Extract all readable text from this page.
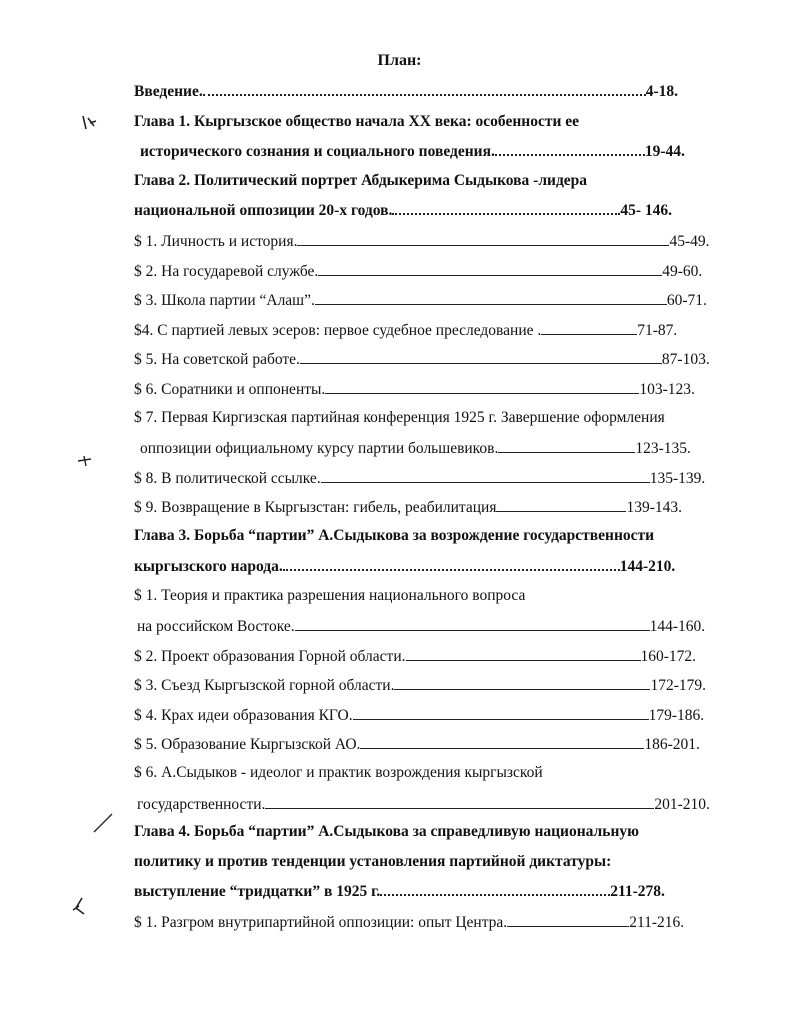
План:
Введение.	4-18.
Глава 1. Кыргызское общество начала XX века: особенности ее
исторического сознания и социального поведения.	19-44.
Глава 2. Политический портрет Абдыкерима Сыдыкова -лидера
национальной оппозиции 20-х годов.	45- 146.
$ 1. Личность и история.	45-49.
$ 2. На государевой службе.	49-60.
$ 3. Школа партии “Алаш”.	60-71.
$4. С партией левых эсеров: первое судебное преследование .	71-87.
$ 5. На советской работе.	87-103.
$ 6. Соратники и оппоненты.	103-123.
$ 7. Первая Киргизская партийная конференция 1925 г. Завершение оформления
оппозиции официальному курсу партии большевиков.	123-135.
$ 8. В политической ссылке.	135-139.
$ 9. Возвращение в Кыргызстан: гибель, реабилитация	139-143.
Глава 3. Борьба “партии” А.Сыдыкова за возрождение государственности
кыргызского народа.	144-210.
$ 1. Теория и практика разрешения национального вопроса
на российском Востоке.	144-160.
$ 2. Проект образования Горной области.	160-172.
$ 3. Съезд Кыргызской горной области.	172-179.
$ 4. Крах идеи образования КГО.	179-186.
$ 5. Образование Кыргызской АО.	186-201.
$ 6. А.Сыдыков - идеолог и практик возрождения кыргызской
государственности.	201-210.
Глава 4. Борьба “партии” А.Сыдыкова за справедливую национальную
политику и против тенденции установления партийной диктатуры:
выступление “тридцатки” в 1925 г.	211-278.
$ 1. Разгром внутрипартийной оппозиции: опыт Центра.	211-216.
